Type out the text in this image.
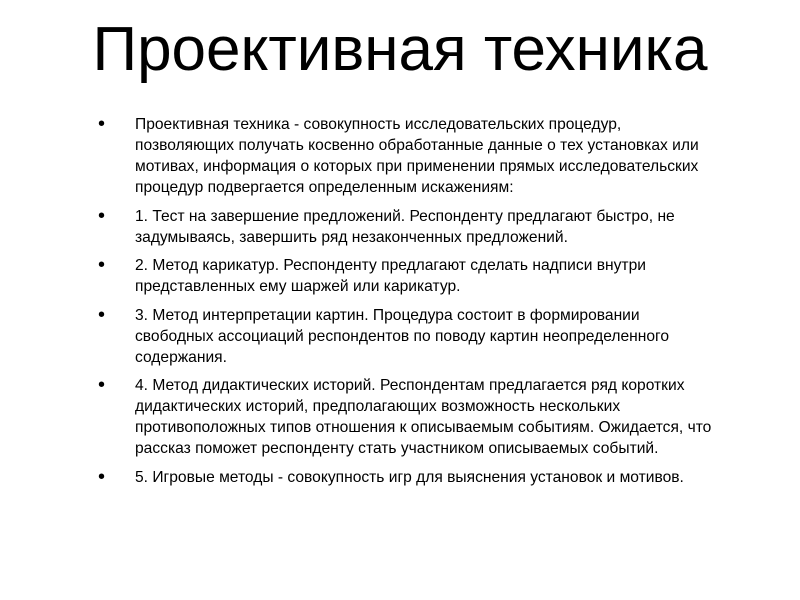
Проективная техника
•	Проективная техника - совокупность исследовательских процедур, позволяющих получать косвенно обработанные данные о тех установках или мотивах, информация о которых при применении прямых исследовательских процедур подвергается определенным искажениям:
•	1. Тест на завершение предложений. Респонденту предлагают быстро, не задумываясь, завершить ряд незаконченных предложений.
•	2. Метод карикатур. Респонденту предлагают сделать надписи внутри представленных ему шаржей или карикатур.
•	3. Метод интерпретации картин. Процедура состоит в формировании свободных ассоциаций респондентов по поводу картин неопределенного содержания.
•	4. Метод дидактических историй. Респондентам предлагается ряд коротких дидактических историй, предполагающих возможность нескольких противоположных типов отношения к описываемым событиям. Ожидается, что рассказ поможет респонденту стать участником описываемых событий.
•	5. Игровые методы - совокупность игр для выяснения установок и мотивов.
